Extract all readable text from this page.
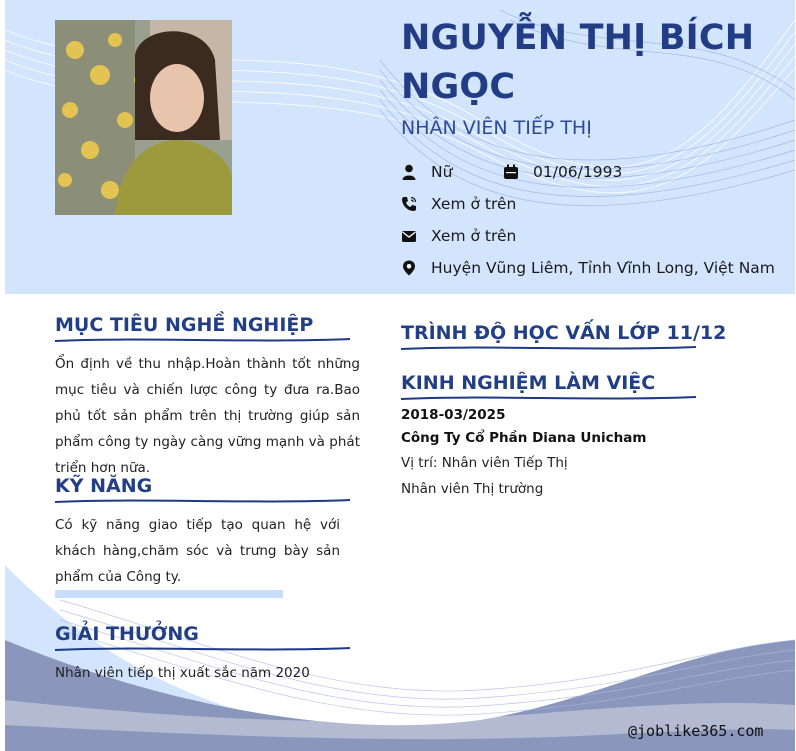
NGUYỄN THỊ BÍCH NGỌC
NHÂN VIÊN TIẾP THỊ
Nữ	01/06/1993
Xem ở trên
Xem ở trên
Huyện Vũng Liêm, Tỉnh Vĩnh Long, Việt Nam
MỤC TIÊU NGHỀ NGHIỆP

Ổn định về thu nhập.Hoàn thành tốt những mục tiêu và chiến lược công ty đưa ra.Bao phủ tốt sản phẩm trên thị trường giúp sản phẩm công ty ngày càng vững mạnh và phát triển hơn nữa.

KỸ NĂNG

Có kỹ năng giao tiếp tạo quan hệ với khách hàng,chăm sóc và trưng bày sản phẩm của Công ty.

GIẢI THƯỞNG
Nhân viên tiếp thị xuất sắc năm 2020
TRÌNH ĐỘ HỌC VẤN LỚP 11/12
KINH NGHIỆM LÀM VIỆC
2018-03/2025
Công Ty Cổ Phần Diana Unicham
Vị trí: Nhân viên Tiếp Thị
Nhân viên Thị trường
@joblike365.com
